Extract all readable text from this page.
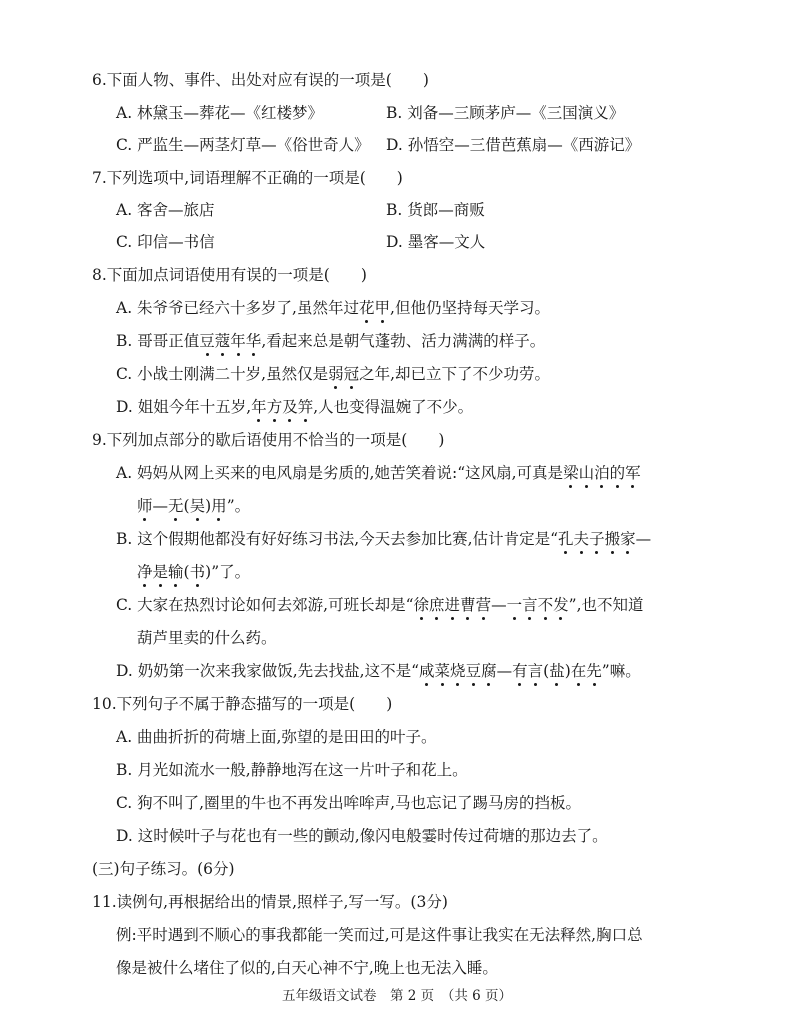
6.下面人物、事件、出处对应有误的一项是(　　)
A. 林黛玉—葬花—《红楼梦》	B. 刘备—三顾茅庐—《三国演义》
C. 严监生—两茎灯草—《俗世奇人》 D. 孙悟空—三借芭蕉扇—《西游记》
7.下列选项中,词语理解不正确的一项是(　　)
A. 客舍—旅店	B. 货郎—商贩
C. 印信—书信	D. 墨客—文人
8.下面加点词语使用有误的一项是(　　)
A. 朱爷爷已经六十多岁了,虽然年过花甲,但他仍坚持每天学习。
B. 哥哥正值豆蔻年华,看起来总是朝气蓬勃、活力满满的样子。
C. 小战士刚满二十岁,虽然仅是弱冠之年,却已立下了不少功劳。
D. 姐姐今年十五岁,年方及笄,人也变得温婉了不少。
9.下列加点部分的歇后语使用不恰当的一项是(　　)
A. 妈妈从网上买来的电风扇是劣质的,她苦笑着说:“这风扇,可真是梁山泊的军
师—无(吴)用”。
B. 这个假期他都没有好好练习书法,今天去参加比赛,估计肯定是“孔夫子搬家—
净是输(书)”了。
C. 大家在热烈讨论如何去郊游,可班长却是“徐庶进曹营—一言不发”,也不知道
葫芦里卖的什么药。
D. 奶奶第一次来我家做饭,先去找盐,这不是“咸菜烧豆腐—有言(盐)在先”嘛。
10.下列句子不属于静态描写的一项是(　　)
A. 曲曲折折的荷塘上面,弥望的是田田的叶子。
B. 月光如流水一般,静静地泻在这一片叶子和花上。
C. 狗不叫了,圈里的牛也不再发出哞哞声,马也忘记了踢马房的挡板。
D. 这时候叶子与花也有一些的颤动,像闪电般霎时传过荷塘的那边去了。
(三)句子练习。(6分)
11.读例句,再根据给出的情景,照样子,写一写。(3分)
例:平时遇到不顺心的事我都能一笑而过,可是这件事让我实在无法释然,胸口总
像是被什么堵住了似的,白天心神不宁,晚上也无法入睡。
五年级语文试卷　第 2 页　（共 6 页）
